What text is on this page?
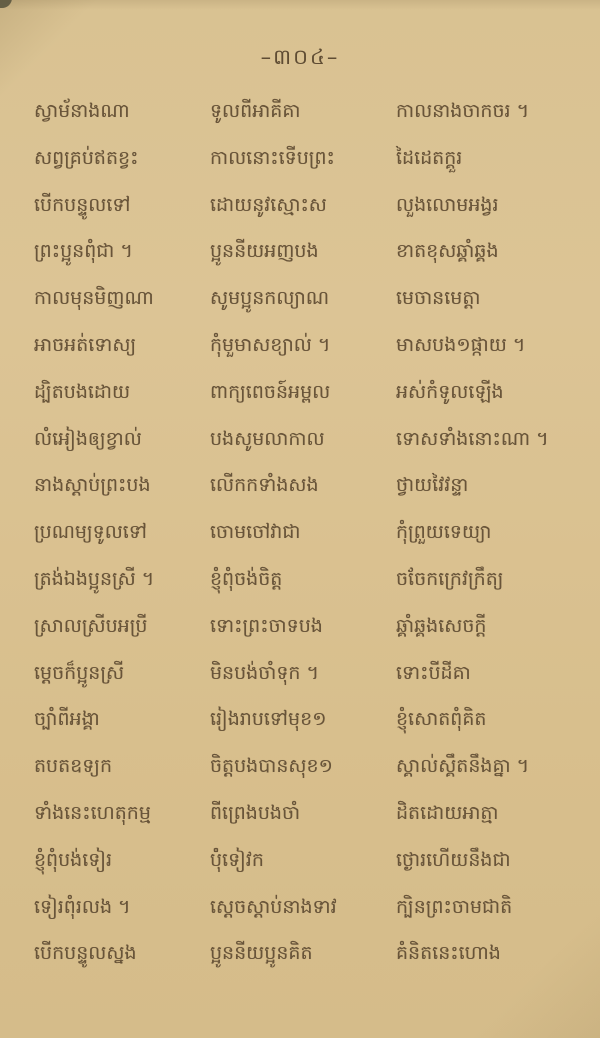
–៣០៤–
ស្វាម័នាងណា	ទូលពីអាគីគា	កាលនាងចាកចរ ។
សព្វគ្រប់ឥតខ្វះ	កាលនោះទើបព្រះ	ដៃដេតក្គួរ
បើកបន្ទូលទៅ	ដោយនូវស្មោះស	លួងលោមអង្វរ
ព្រះប្អូនពុំជា ។	ប្អូននីយអញបង	ខាតខុសឆ្គាំឆ្គង
កាលមុនមិញណា	សូមប្អូនកល្យាណ	មេចានមេត្តា
អាចអត់ទោស្យ	កុំមួមាសខ្យាល់ ។	មាសបង១ផ្កាយ ។
ដ្បិតបងដោយ	ពាក្យពេចន៍អម្ពល	អស់កំទូលឡើង
លំអៀងឲ្យខ្វាល់	បងសូមលាកាល	ទោសទាំងនោះណា ។
នាងស្ដាប់ព្រះបង	លើកកទាំងសង	ថ្វាយវៃវន្ទា
ប្រណម្យទូលទៅ	ចោមចៅវាជា	កុំព្រួយទេយ្យា
ត្រង់ឯងប្អូនស្រី ។	ខ្ញុំពុំចង់ចិត្ត	ចចែកក្រេវក្រឹត្យ
ស្រាលស្រីបអប្រី	ទោះព្រះចាទបង	ឆ្គាំឆ្គងសេចក្ដី
ម្ដេចក៏ប្អូនស្រី	មិនបង់ចាំទុក ។	ទោះបីដីគា
ច្បាំពីអង្គា	រៀងរាបទៅមុខ១	ខ្ញុំសោតពុំគិត
តបតឧទ្យក	ចិត្តបងបានសុខ១	ស្គាល់ស្គឹតនឹងគ្នា ។
ទាំងនេះហេតុកម្ម	ពីព្រេងបងចាំ	ដិតដោយអាត្មា
ខ្ញុំពុំបង់ទៀរ	ប៉ុំទៀវក	ថ្ងោរហើយនឹងជា
ទៀរពុំរលង ។	ស្ដេចស្ដាប់នាងទាវ	ក្បិនព្រះចាមជាតិ
បើកបន្ទូលស្នង	ប្អូននីយប្អូនគិត	គំនិតនេះហោង
